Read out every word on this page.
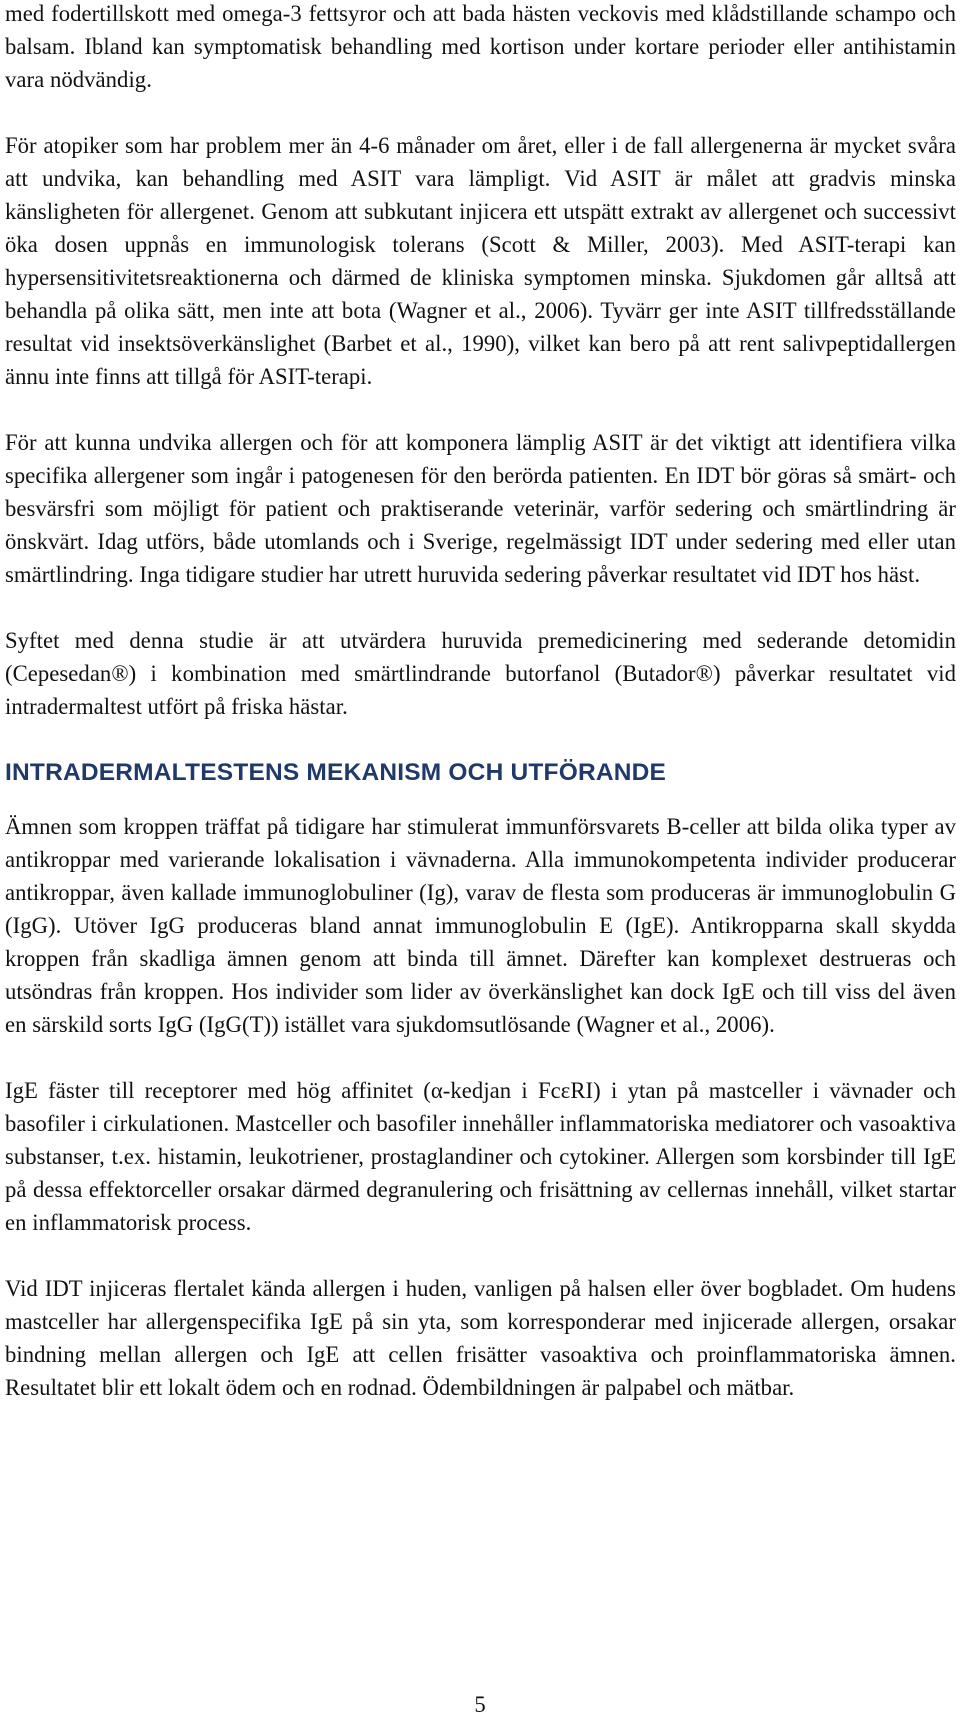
med fodertillskott med omega-3 fettsyror och att bada hästen veckovis med klådstillande schampo och balsam. Ibland kan symptomatisk behandling med kortison under kortare perioder eller antihistamin vara nödvändig.

För atopiker som har problem mer än 4-6 månader om året, eller i de fall allergenerna är mycket svåra att undvika, kan behandling med ASIT vara lämpligt. Vid ASIT är målet att gradvis minska känsligheten för allergenet. Genom att subkutant injicera ett utspätt extrakt av allergenet och successivt öka dosen uppnås en immunologisk tolerans (Scott & Miller, 2003). Med ASIT-terapi kan hypersensitivitetsreaktionerna och därmed de kliniska symptomen minska. Sjukdomen går alltså att behandla på olika sätt, men inte att bota (Wagner et al., 2006). Tyvärr ger inte ASIT tillfredsställande resultat vid insektsöverkänslighet (Barbet et al., 1990), vilket kan bero på att rent salivpeptidallergen ännu inte finns att tillgå för ASIT-terapi.

För att kunna undvika allergen och för att komponera lämplig ASIT är det viktigt att identifiera vilka specifika allergener som ingår i patogenesen för den berörda patienten. En IDT bör göras så smärt- och besvärsfri som möjligt för patient och praktiserande veterinär, varför sedering och smärtlindring är önskvärt. Idag utförs, både utomlands och i Sverige, regelmässigt IDT under sedering med eller utan smärtlindring. Inga tidigare studier har utrett huruvida sedering påverkar resultatet vid IDT hos häst.

Syftet med denna studie är att utvärdera huruvida premedicinering med sederande detomidin (Cepesedan®) i kombination med smärtlindrande butorfanol (Butador®) påverkar resultatet vid intradermaltest utfört på friska hästar.

INTRADERMALTESTENS MEKANISM OCH UTFÖRANDE

Ämnen som kroppen träffat på tidigare har stimulerat immunförsvarets B-celler att bilda olika typer av antikroppar med varierande lokalisation i vävnaderna. Alla immunokompetenta individer producerar antikroppar, även kallade immunoglobuliner (Ig), varav de flesta som produceras är immunoglobulin G (IgG). Utöver IgG produceras bland annat immunoglobulin E (IgE). Antikropparna skall skydda kroppen från skadliga ämnen genom att binda till ämnet. Därefter kan komplexet destrueras och utsöndras från kroppen. Hos individer som lider av överkänslighet kan dock IgE och till viss del även en särskild sorts IgG (IgG(T)) istället vara sjukdomsutlösande (Wagner et al., 2006).

IgE fäster till receptorer med hög affinitet (α-kedjan i FcεRI) i ytan på mastceller i vävnader och basofiler i cirkulationen. Mastceller och basofiler innehåller inflammatoriska mediatorer och vasoaktiva substanser, t.ex. histamin, leukotriener, prostaglandiner och cytokiner. Allergen som korsbinder till IgE på dessa effektorceller orsakar därmed degranulering och frisättning av cellernas innehåll, vilket startar en inflammatorisk process.

Vid IDT injiceras flertalet kända allergen i huden, vanligen på halsen eller över bogbladet. Om hudens mastceller har allergenspecifika IgE på sin yta, som korresponderar med injicerade allergen, orsakar bindning mellan allergen och IgE att cellen frisätter vasoaktiva och proinflammatoriska ämnen. Resultatet blir ett lokalt ödem och en rodnad. Ödembildningen är palpabel och mätbar.

5
